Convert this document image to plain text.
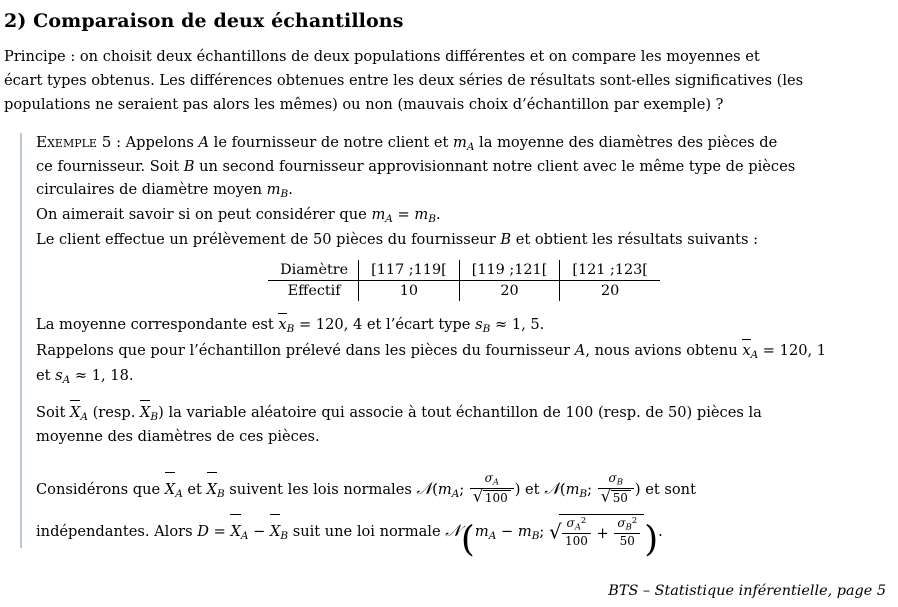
2) Comparaison de deux échantillons

Principe : on choisit deux échantillons de deux populations différentes et on compare les moyennes et

écart types obtenus. Les différences obtenues entre les deux séries de résultats sont-elles significatives (les

populations ne seraient pas alors les mêmes) ou non (mauvais choix d’échantillon par exemple) ?

Exemple 5 : Appelons A le fournisseur de notre client et $m_A$ la moyenne des diamètres des pièces de

ce fournisseur. Soit B un second fournisseur approvisionnant notre client avec le même type de pièces

circulaires de diamètre moyen $m_B$.

On aimerait savoir si on peut considérer que $m_A = m_B$.

Le client effectue un prélèvement de 50 pièces du fournisseur B et obtient les résultats suivants :

Diamètre	[117 ;119[	[119 ;121[	[121 ;123[
Effectif	10	20	20

La moyenne correspondante est $x_B = 120$, 4 et l’écart type $s_B \approx 1$, 5.

Rappelons que pour l’échantillon prélevé dans les pièces du fournisseur A, nous avions obtenu $x_A = 120$, 1

et $s_A \approx 1$, 18.

Soit $X_A$ (resp. $X_B$) la variable aléatoire qui associe à tout échantillon de 100 (resp. de 50) pièces la

moyenne des diamètres de ces pièces.

Considérons que $X_A$ et $X_B$ suivent les lois normales $𝒩(m_A$; $\frac{\sigma_A}{√ 100}$ ) et $𝒩(m_B$; $\frac{\sigma_B}{√ 50}$ ) et sont

indépendantes. Alors $D = X_A - X_B$ suit une loi normale $𝒩(m_A - m_B$; √ $\frac{\sigma_A^2}{100} + \frac{\sigma_B^2}{50}$ ).

BTS – Statistique inférentielle, page 5
